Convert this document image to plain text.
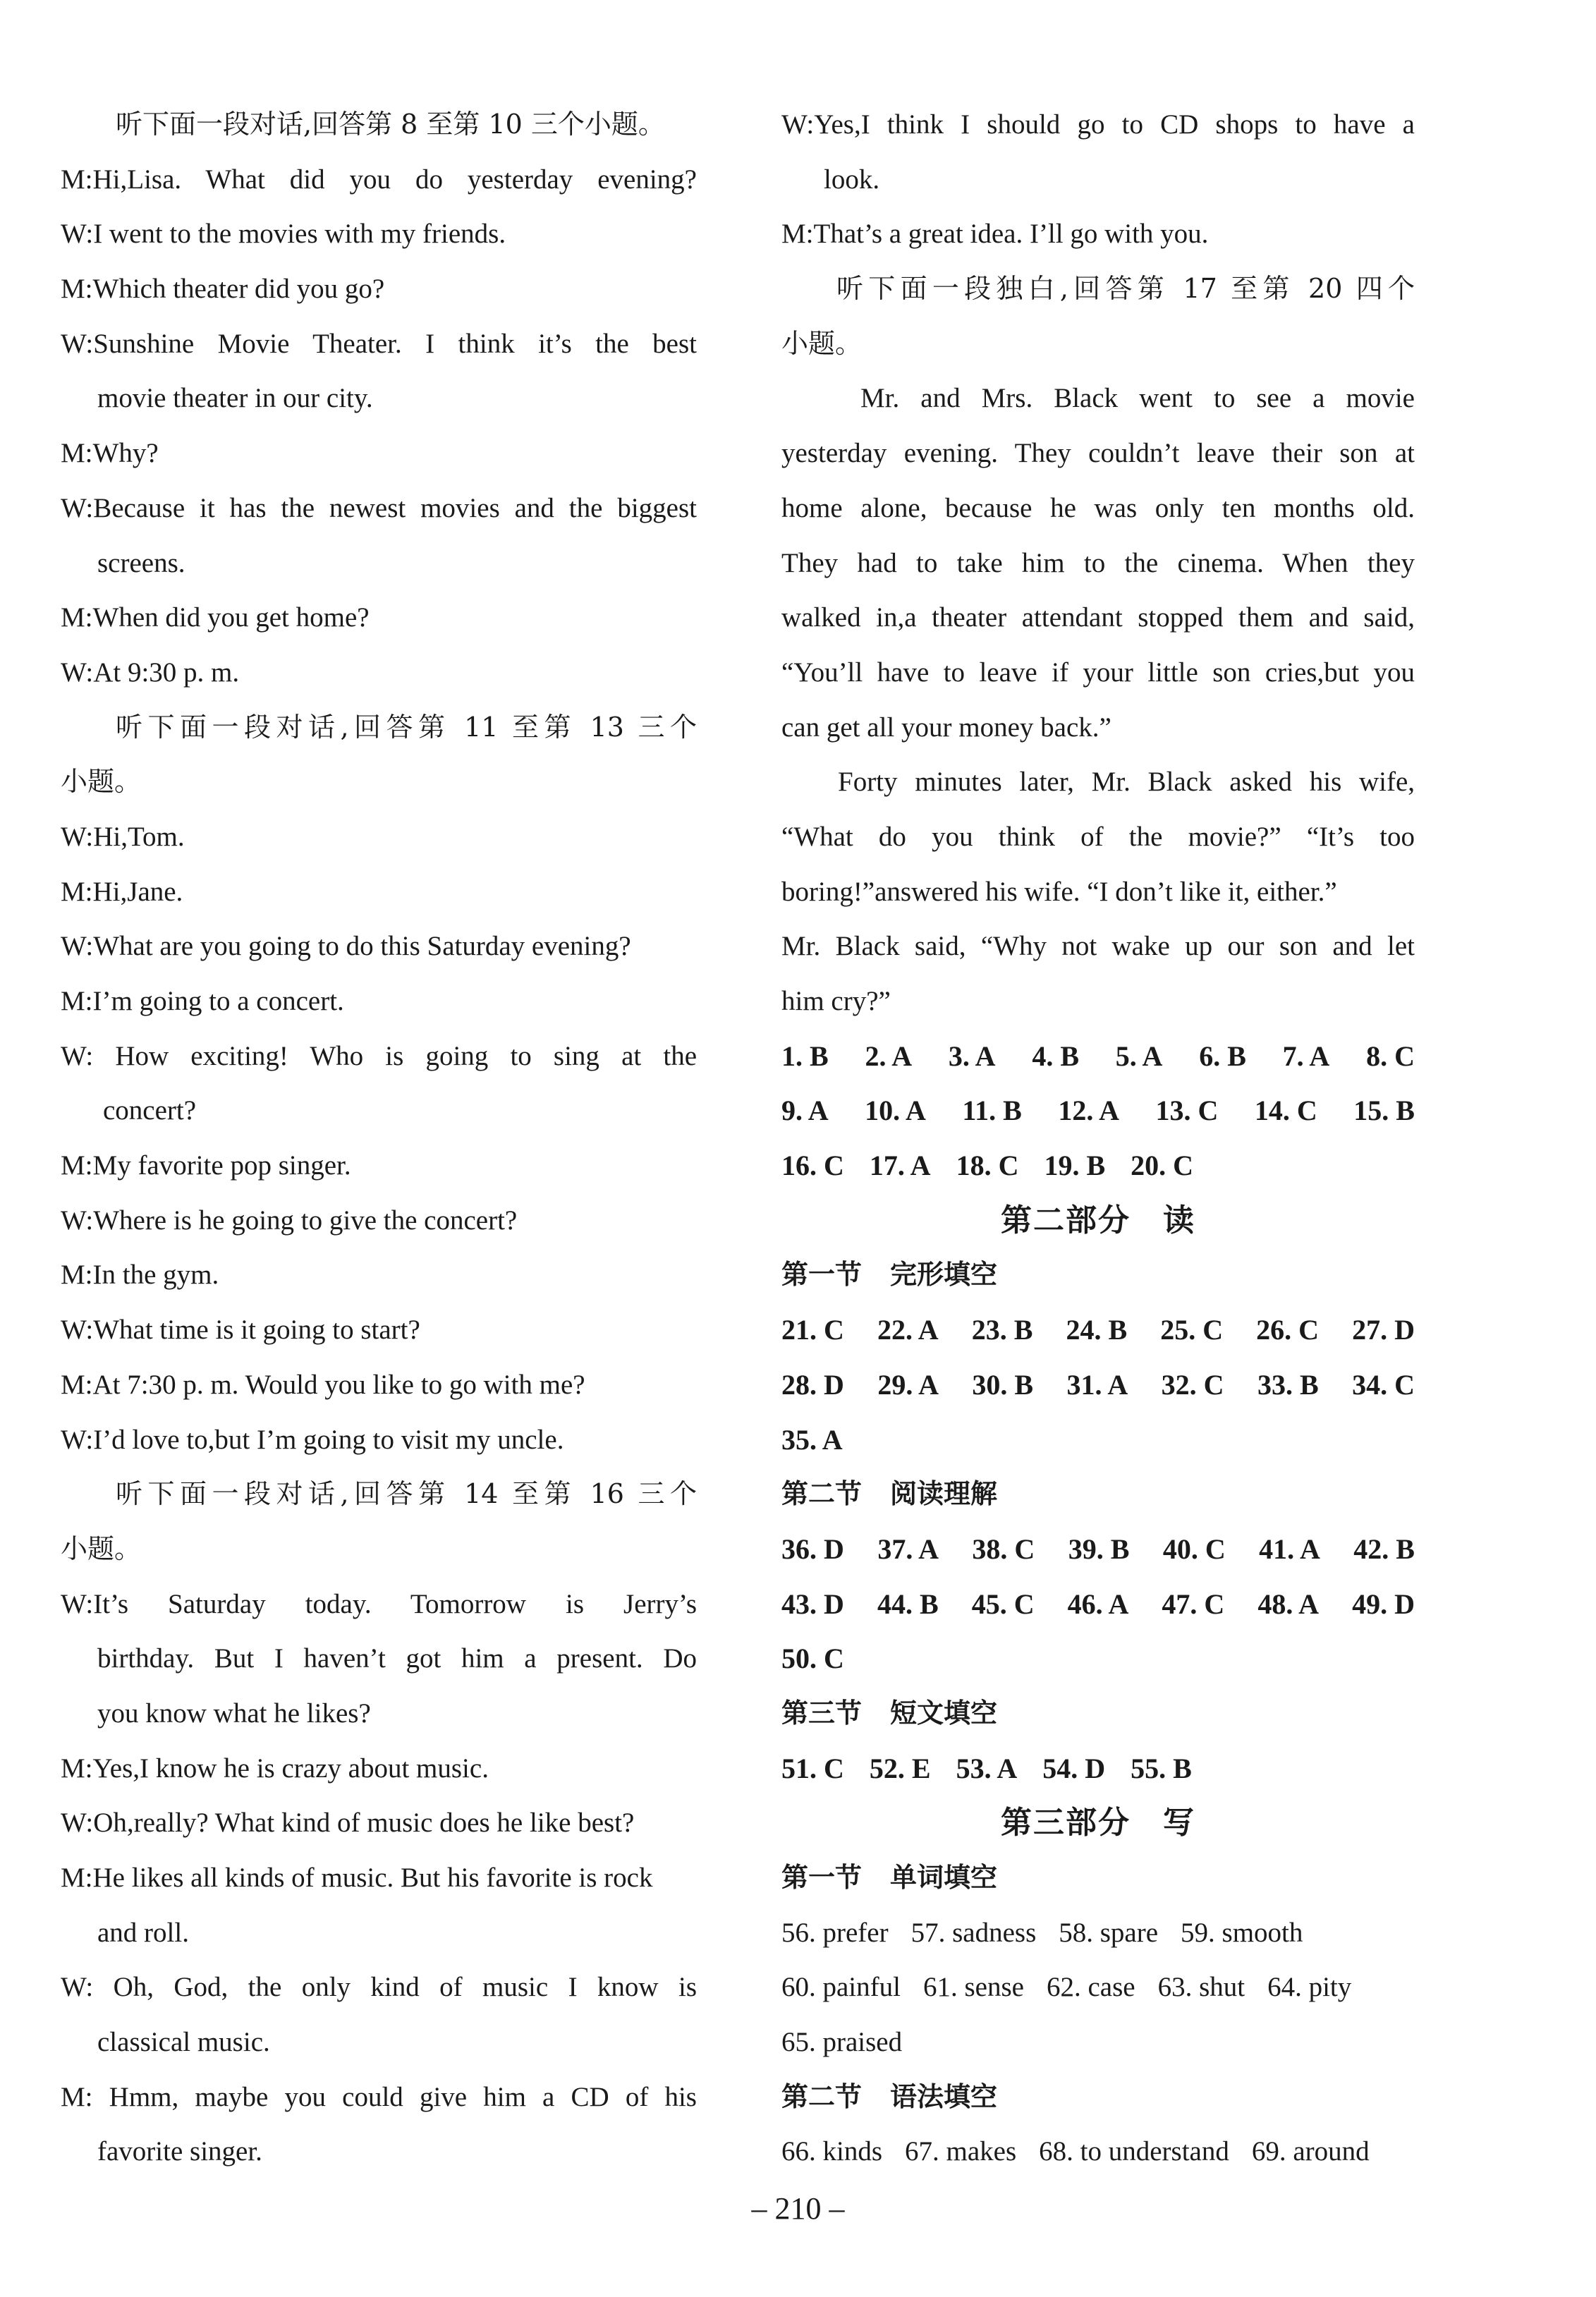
听下面一段对话,回答第 8 至第 10 三个小题。
M:Hi,Lisa. What did you do yesterday evening?
W:I went to the movies with my friends.
M:Which theater did you go?
W:Sunshine Movie Theater. I think it’s the best
movie theater in our city.
M:Why?
W:Because it has the newest movies and the biggest
screens.
M:When did you get home?
W:At 9:30 p. m.
听下面一段对话,回答第 11 至第 13 三个
小题。
W:Hi,Tom.
M:Hi,Jane.
W:What are you going to do this Saturday evening?
M:I’m going to a concert.
W: How exciting! Who is going to sing at the
concert?
M:My favorite pop singer.
W:Where is he going to give the concert?
M:In the gym.
W:What time is it going to start?
M:At 7:30 p. m. Would you like to go with me?
W:I’d love to,but I’m going to visit my uncle.
听下面一段对话,回答第 14 至第 16 三个
小题。
W:It’s Saturday today. Tomorrow is Jerry’s
birthday. But I haven’t got him a present. Do
you know what he likes?
M:Yes,I know he is crazy about music.
W:Oh,really? What kind of music does he like best?
M:He likes all kinds of music. But his favorite is rock
and roll.
W: Oh, God, the only kind of music I know is
classical music.
M: Hmm, maybe you could give him a CD of his
favorite singer.
W:Yes,I think I should go to CD shops to have a
look.
M:That’s a great idea. I’ll go with you.
听下面一段独白,回答第 17 至第 20 四个
小题。
Mr. and Mrs. Black went to see a movie
yesterday evening. They couldn’t leave their son at
home alone, because he was only ten months old.
They had to take him to the cinema. When they
walked in,a theater attendant stopped them and said,
“You’ll have to leave if your little son cries,but you
can get all your money back.”
Forty minutes later, Mr. Black asked his wife,
“What do you think of the movie?” “It’s too
boring!”answered his wife. “I don’t like it, either.”
Mr. Black said, “Why not wake up our son and let
him cry?”
1. B 2. A 3. A 4. B 5. A 6. B 7. A 8. C
9. A 10. A 11. B 12. A 13. C 14. C 15. B
16. C 17. A 18. C 19. B 20. C
第二部分　读
第一节 完形填空
21. C 22. A 23. B 24. B 25. C 26. C 27. D
28. D 29. A 30. B 31. A 32. C 33. B 34. C
35. A
第二节 阅读理解
36. D 37. A 38. C 39. B 40. C 41. A 42. B
43. D 44. B 45. C 46. A 47. C 48. A 49. D
50. C
第三节 短文填空
51. C 52. E 53. A 54. D 55. B
第三部分　写
第一节 单词填空
56. prefer 57. sadness 58. spare 59. smooth
60. painful 61. sense 62. case 63. shut 64. pity
65. praised
第二节 语法填空
66. kinds 67. makes 68. to understand 69. around
– 210 –
